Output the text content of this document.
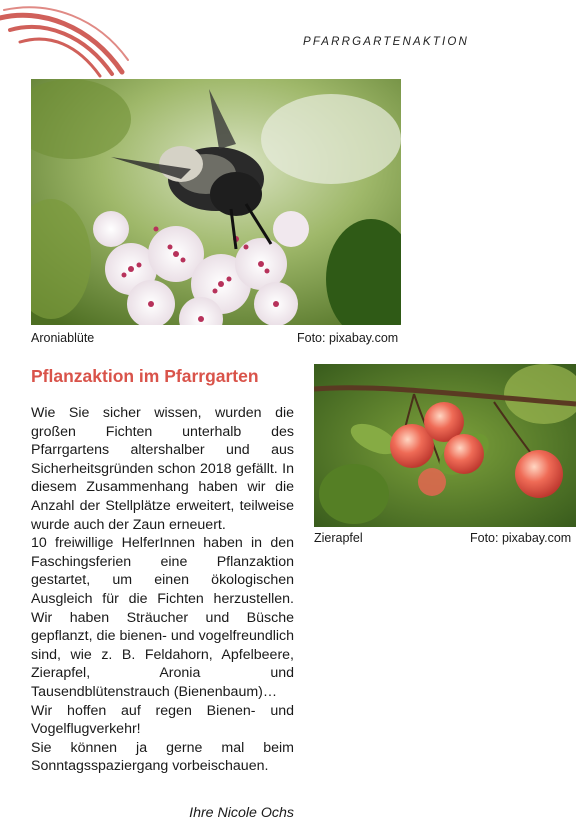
PFARRGARTENAKTION
Aroniablüte	Foto: pixabay.com
Zierapfel	Foto: pixabay.com
Pflanzaktion im Pfarrgarten

Wie Sie sicher wissen, wurden die großen Fichten unterhalb des Pfarrgartens altershalber und aus Sicherheitsgründen schon 2018 gefällt. In diesem Zusammenhang haben wir die Anzahl der Stellplätze erweitert, teilweise wurde auch der Zaun erneuert.

10 freiwillige HelferInnen haben in den Faschingsferien eine Pflanzaktion gestartet, um einen ökologischen Ausgleich für die Fichten herzustellen. Wir haben Sträucher und Büsche gepflanzt, die bienen- und vogelfreundlich sind, wie z. B. Feldahorn, Apfelbeere, Zierapfel, Aronia und Tausendblütenstrauch (Bienenbaum)…

Wir hoffen auf regen Bienen- und Vogelflugverkehr!

Sie können ja gerne mal beim Sonntagsspaziergang vorbeischauen.

Ihre Nicole Ochs
